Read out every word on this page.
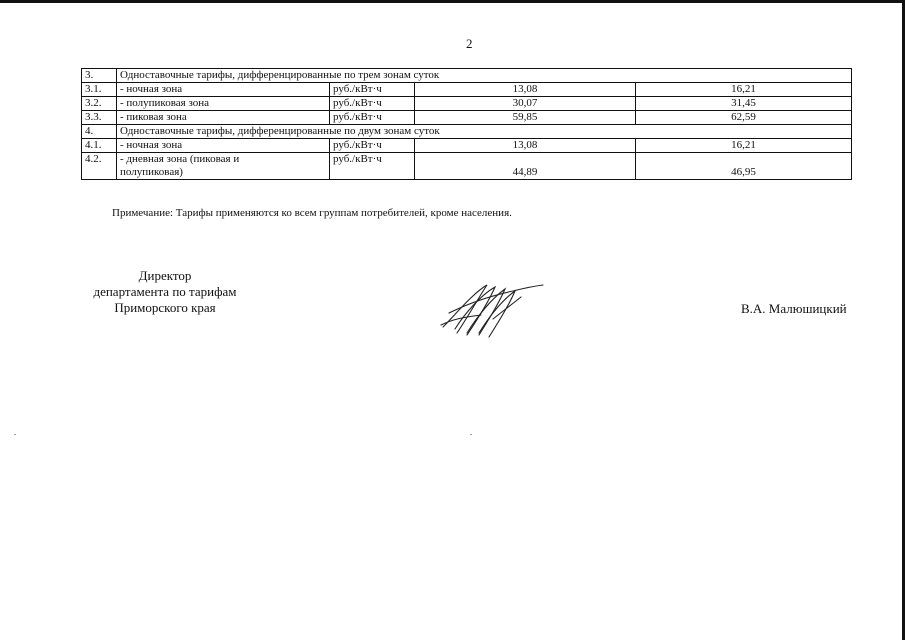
2
3.	Одноставочные тарифы, дифференцированные по трем зонам суток			
3.1.	- ночная зона	руб./кВт·ч	13,08	16,21
3.2.	- полупиковая зона	руб./кВт·ч	30,07	31,45
3.3.	- пиковая зона	руб./кВт·ч	59,85	62,59
4.	Одноставочные тарифы, дифференцированные по двум зонам суток			
4.1.	- ночная зона	руб./кВт·ч	13,08	16,21
4.2.	- дневная зона (пиковая и
полупиковая)	руб./кВт·ч	44,89	46,95
Примечание: Тарифы применяются ко всем группам потребителей, кроме населения.
Директор
департамента по тарифам
Приморского края	В.А. Малюшицкий
